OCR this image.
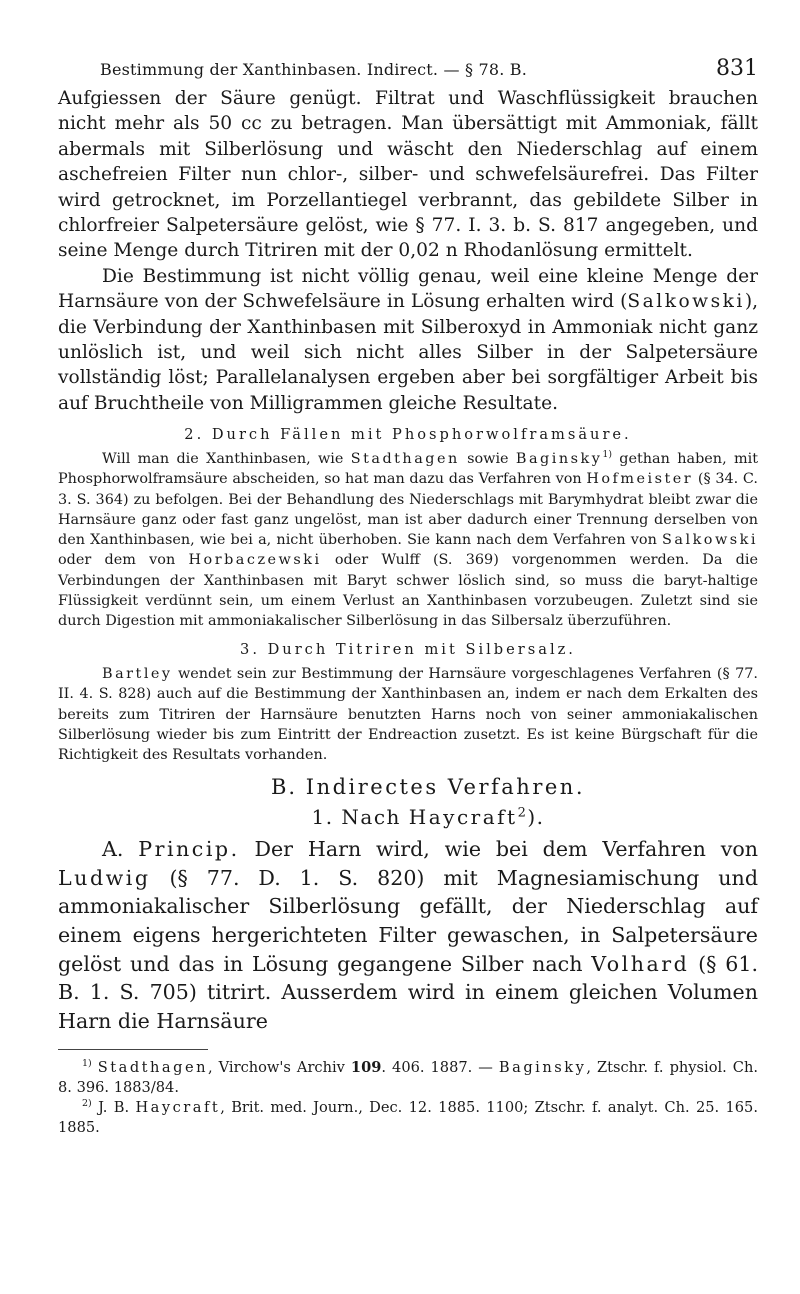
Bestimmung der Xanthinbasen. Indirect. — § 78. B.	831

Aufgiessen der Säure genügt. Filtrat und Waschflüssigkeit brauchen nicht mehr als 50 cc zu betragen. Man übersättigt mit Ammoniak, fällt abermals mit Silberlösung und wäscht den Niederschlag auf einem aschefreien Filter nun chlor-, silber- und schwefelsäurefrei. Das Filter wird getrocknet, im Porzellantiegel verbrannt, das gebildete Silber in chlorfreier Salpetersäure gelöst, wie § 77. I. 3. b. S. 817 angegeben, und seine Menge durch Titriren mit der 0,02 n Rhodanlösung ermittelt.

Die Bestimmung ist nicht völlig genau, weil eine kleine Menge der Harnsäure von der Schwefelsäure in Lösung erhalten wird (Salkowski), die Verbindung der Xanthinbasen mit Silberoxyd in Ammoniak nicht ganz unlöslich ist, und weil sich nicht alles Silber in der Salpetersäure vollständig löst; Parallelanalysen ergeben aber bei sorgfältiger Arbeit bis auf Bruchtheile von Milligrammen gleiche Resultate.

2. Durch Fällen mit Phosphorwolframsäure.

Will man die Xanthinbasen, wie Stadthagen sowie Baginsky$^{1)}$ gethan haben, mit Phosphorwolframsäure abscheiden, so hat man dazu das Verfahren von Hofmeister (§ 34. C. 3. S. 364) zu befolgen. Bei der Behandlung des Niederschlags mit Barymhydrat bleibt zwar die Harnsäure ganz oder fast ganz ungelöst, man ist aber dadurch einer Trennung derselben von den Xanthinbasen, wie bei a, nicht überhoben. Sie kann nach dem Verfahren von Salkowski oder dem von Horbaczewski oder Wulff (S. 369) vorgenommen werden. Da die Verbindungen der Xanthinbasen mit Baryt schwer löslich sind, so muss die baryt-haltige Flüssigkeit verdünnt sein, um einem Verlust an Xanthinbasen vorzubeugen. Zuletzt sind sie durch Digestion mit ammoniakalischer Silberlösung in das Silbersalz überzuführen.

3. Durch Titriren mit Silbersalz.

Bartley wendet sein zur Bestimmung der Harnsäure vorgeschlagenes Verfahren (§ 77. II. 4. S. 828) auch auf die Bestimmung der Xanthinbasen an, indem er nach dem Erkalten des bereits zum Titriren der Harnsäure benutzten Harns noch von seiner ammoniakalischen Silberlösung wieder bis zum Eintritt der Endreaction zusetzt. Es ist keine Bürgschaft für die Richtigkeit des Resultats vorhanden.

B. Indirectes Verfahren.
1. Nach Haycraft$^2$).

A. Princip. Der Harn wird, wie bei dem Verfahren von Ludwig (§ 77. D. 1. S. 820) mit Magnesiamischung und ammoniakalischer Silberlösung gefällt, der Niederschlag auf einem eigens hergerichteten Filter gewaschen, in Salpetersäure gelöst und das in Lösung gegangene Silber nach Volhard (§ 61. B. 1. S. 705) titrirt. Ausserdem wird in einem gleichen Volumen Harn die Harnsäure

$^{1)}$ Stadthagen, Virchow's Archiv 109. 406. 1887. — Baginsky, Ztschr. f. physiol. Ch. 8. 396. 1883/84.

$^{2)}$ J. B. Haycraft, Brit. med. Journ., Dec. 12. 1885. 1100; Ztschr. f. analyt. Ch. 25. 165. 1885.
